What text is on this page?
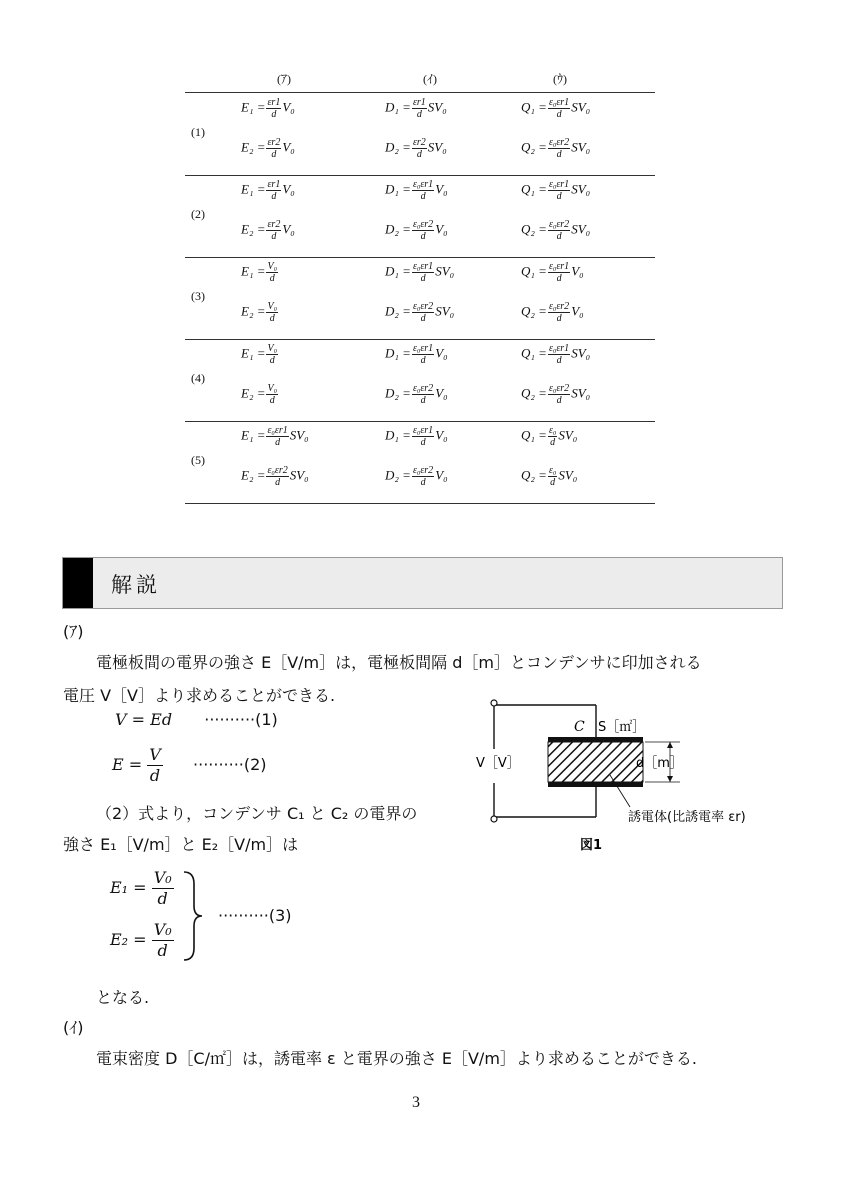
(ｱ)	(ｲ)	(ｳ)
(1)
$E_1 = \frac{\varepsilon r1}{d} V_0$
$E_2 = \frac{\varepsilon r2}{d} V_0$
$D_1 = \frac{\varepsilon r1}{d} SV_0$
$D_2 = \frac{\varepsilon r2}{d} SV_0$
$Q_1 = \frac{\text{ε₀εr1}}{d} SV_0$
$Q_2 = \frac{\text{ε₀εr2}}{d} SV_0$
(2)
$E_1 = \frac{\varepsilon r1}{d} V_0$
$E_2 = \frac{\varepsilon r2}{d} V_0$
$D_1 = \frac{\text{ε₀εr1}}{d} V_0$
$D_2 = \frac{\text{ε₀εr2}}{d} V_0$
$Q_1 = \frac{\text{ε₀εr1}}{d} SV_0$
$Q_2 = \frac{\text{ε₀εr2}}{d} SV_0$
(3)
$E_1 = \frac{\text{V₀}}{d}$
$E_2 = \frac{\text{V₀}}{d}$
$D_1 = \frac{\text{ε₀εr1}}{d} SV_0$
$D_2 = \frac{\text{ε₀εr2}}{d} SV_0$
$Q_1 = \frac{\text{ε₀εr1}}{d} V_0$
$Q_2 = \frac{\text{ε₀εr2}}{d} V_0$
(4)
$E_1 = \frac{\text{V₀}}{d}$
$E_2 = \frac{\text{V₀}}{d}$
$D_1 = \frac{\text{ε₀εr1}}{d} V_0$
$D_2 = \frac{\text{ε₀εr2}}{d} V_0$
$Q_1 = \frac{\text{ε₀εr1}}{d} SV_0$
$Q_2 = \frac{\text{ε₀εr2}}{d} SV_0$
(5)
$E_1 = \frac{\text{ε₀εr1}}{d} SV_0$
$E_2 = \frac{\text{ε₀εr2}}{d} SV_0$
$D_1 = \frac{\text{ε₀εr1}}{d} V_0$
$D_2 = \frac{\text{ε₀εr2}}{d} V_0$
$Q_1 = \frac{\text{ε₀}}{d} SV_0$
$Q_2 = \frac{\text{ε₀}}{d} SV_0$
解説
(ｱ)
電極板間の電界の強さ E［V/m］は，電極板間隔 d［m］とコンデンサに印加される
電圧 V［V］より求めることができる.
V = Ed ··········(1)
$E = \frac{V}{d} \cdot\cdot\cdot\cdot\cdot\cdot\cdot\cdot\cdot\cdot(2)$
（2）式より，コンデンサ C₁ と C₂ の電界の
強さ E₁［V/m］と E₂［V/m］は
$E_1 = \frac{\text{V₀}}{d}$
$E_2 = \frac{\text{V₀}}{d}$
··········(3)
となる.
(ｲ)
電束密度 D［C/㎡］は，誘電率 ε と電界の強さ E［V/m］より求めることができる.
3
C S［㎡］
d［m］
V［V］
誘電体(比誘電率 εr)
図1
